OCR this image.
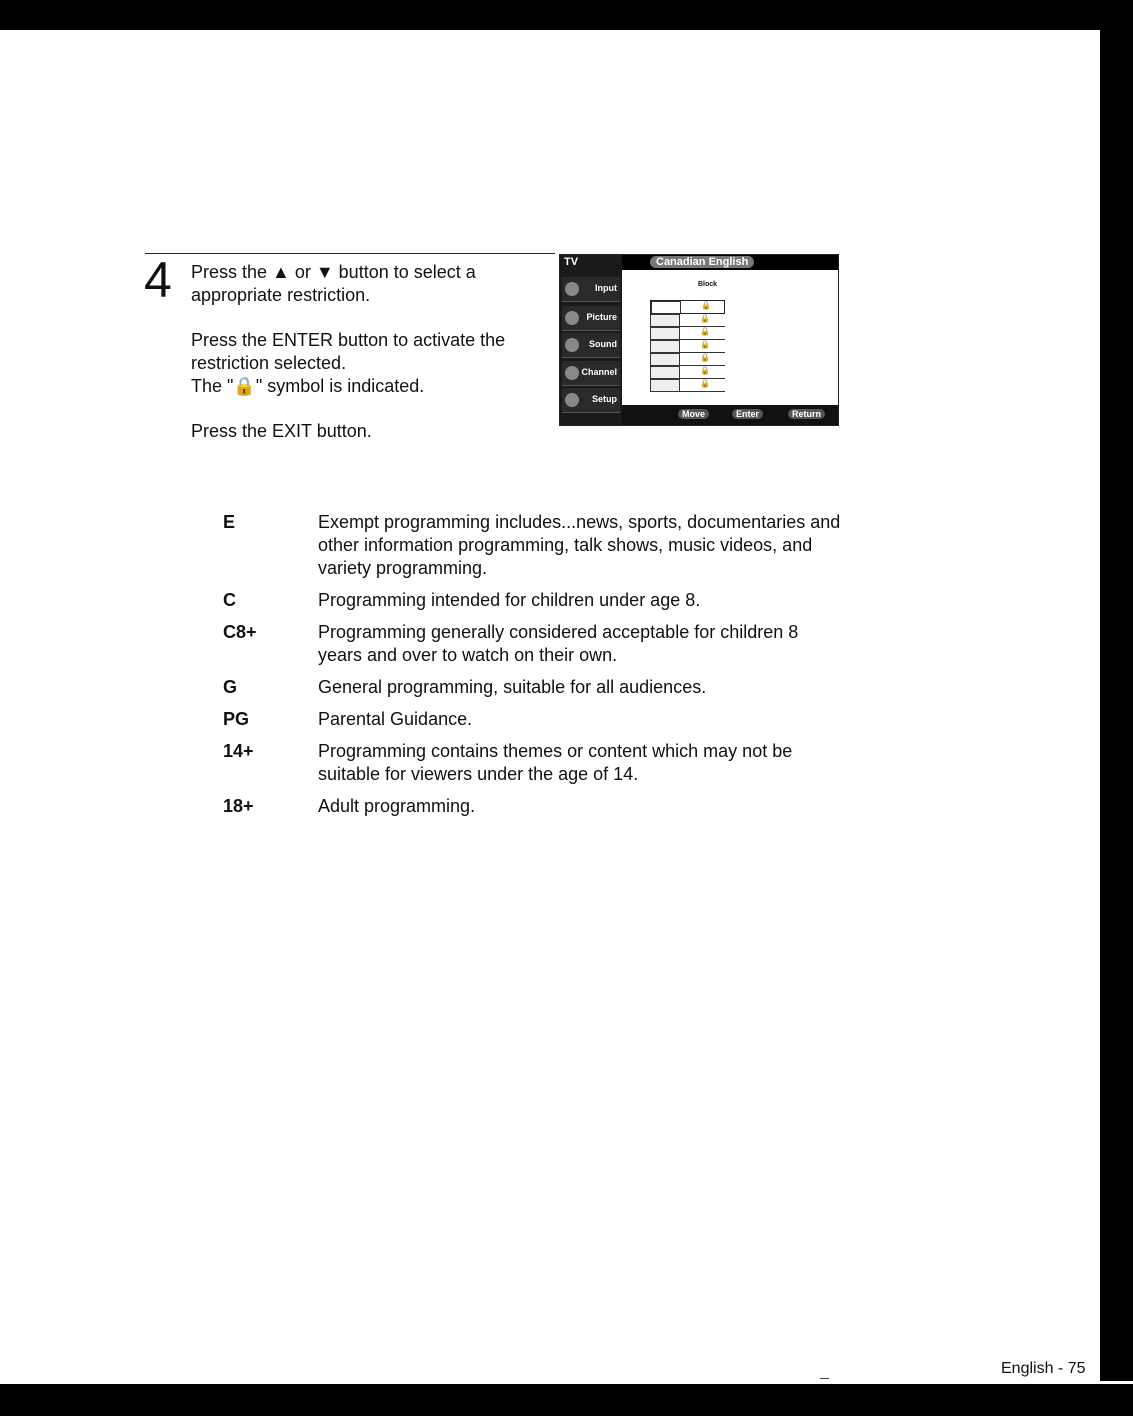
4 Press the ▲ or ▼ button to select a appropriate restriction.

Press the ENTER button to activate the restriction selected.

The "🔒" symbol is indicated.

Press the EXIT button.

TV
Input
Picture
Sound
Channel
Setup
Canadian English
Block
🔒
🔒
🔒
🔒
🔒
🔒
🔒
Move	Enter	Return
E	Exempt programming includes...news, sports, documentaries and other information programming, talk shows, music videos, and variety programming.
C	Programming intended for children under age 8.
C8+	Programming generally considered acceptable for children 8 years and over to watch on their own.
G	General programming, suitable for all audiences.
PG	Parental Guidance.
14+	Programming contains themes or content which may not be suitable for viewers under the age of 14.
18+	Adult programming.
English - 75
